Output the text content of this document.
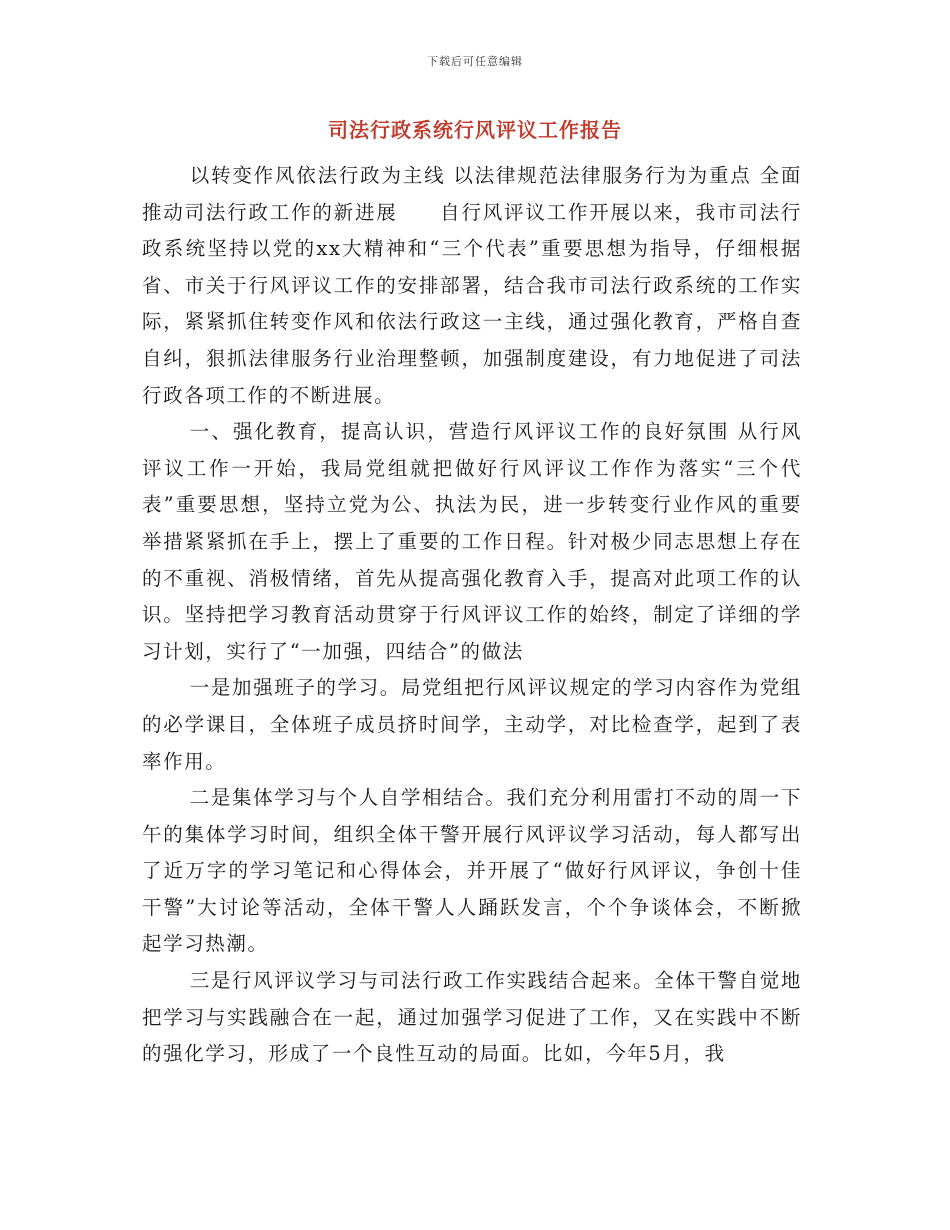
下载后可任意编辑
司法行政系统行风评议工作报告

以转变作风依法行政为主线 以法律规范法律服务行为为重点 全面推动司法行政工作的新进展　　自行风评议工作开展以来，我市司法行政系统坚持以党的xx大精神和“三个代表”重要思想为指导，仔细根据省、市关于行风评议工作的安排部署，结合我市司法行政系统的工作实际，紧紧抓住转变作风和依法行政这一主线，通过强化教育，严格自查自纠，狠抓法律服务行业治理整顿，加强制度建设，有力地促进了司法行政各项工作的不断进展。

一、强化教育，提高认识，营造行风评议工作的良好氛围 从行风评议工作一开始，我局党组就把做好行风评议工作作为落实“三个代表”重要思想，坚持立党为公、执法为民，进一步转变行业作风的重要举措紧紧抓在手上，摆上了重要的工作日程。针对极少同志思想上存在的不重视、消极情绪，首先从提高强化教育入手，提高对此项工作的认识。坚持把学习教育活动贯穿于行风评议工作的始终，制定了详细的学习计划，实行了“一加强，四结合”的做法

一是加强班子的学习。局党组把行风评议规定的学习内容作为党组的必学课目，全体班子成员挤时间学，主动学，对比检查学，起到了表率作用。

二是集体学习与个人自学相结合。我们充分利用雷打不动的周一下午的集体学习时间，组织全体干警开展行风评议学习活动，每人都写出了近万字的学习笔记和心得体会，并开展了“做好行风评议，争创十佳干警”大讨论等活动，全体干警人人踊跃发言，个个争谈体会，不断掀起学习热潮。

三是行风评议学习与司法行政工作实践结合起来。全体干警自觉地把学习与实践融合在一起，通过加强学习促进了工作，又在实践中不断的强化学习，形成了一个良性互动的局面。比如，今年5月，我
